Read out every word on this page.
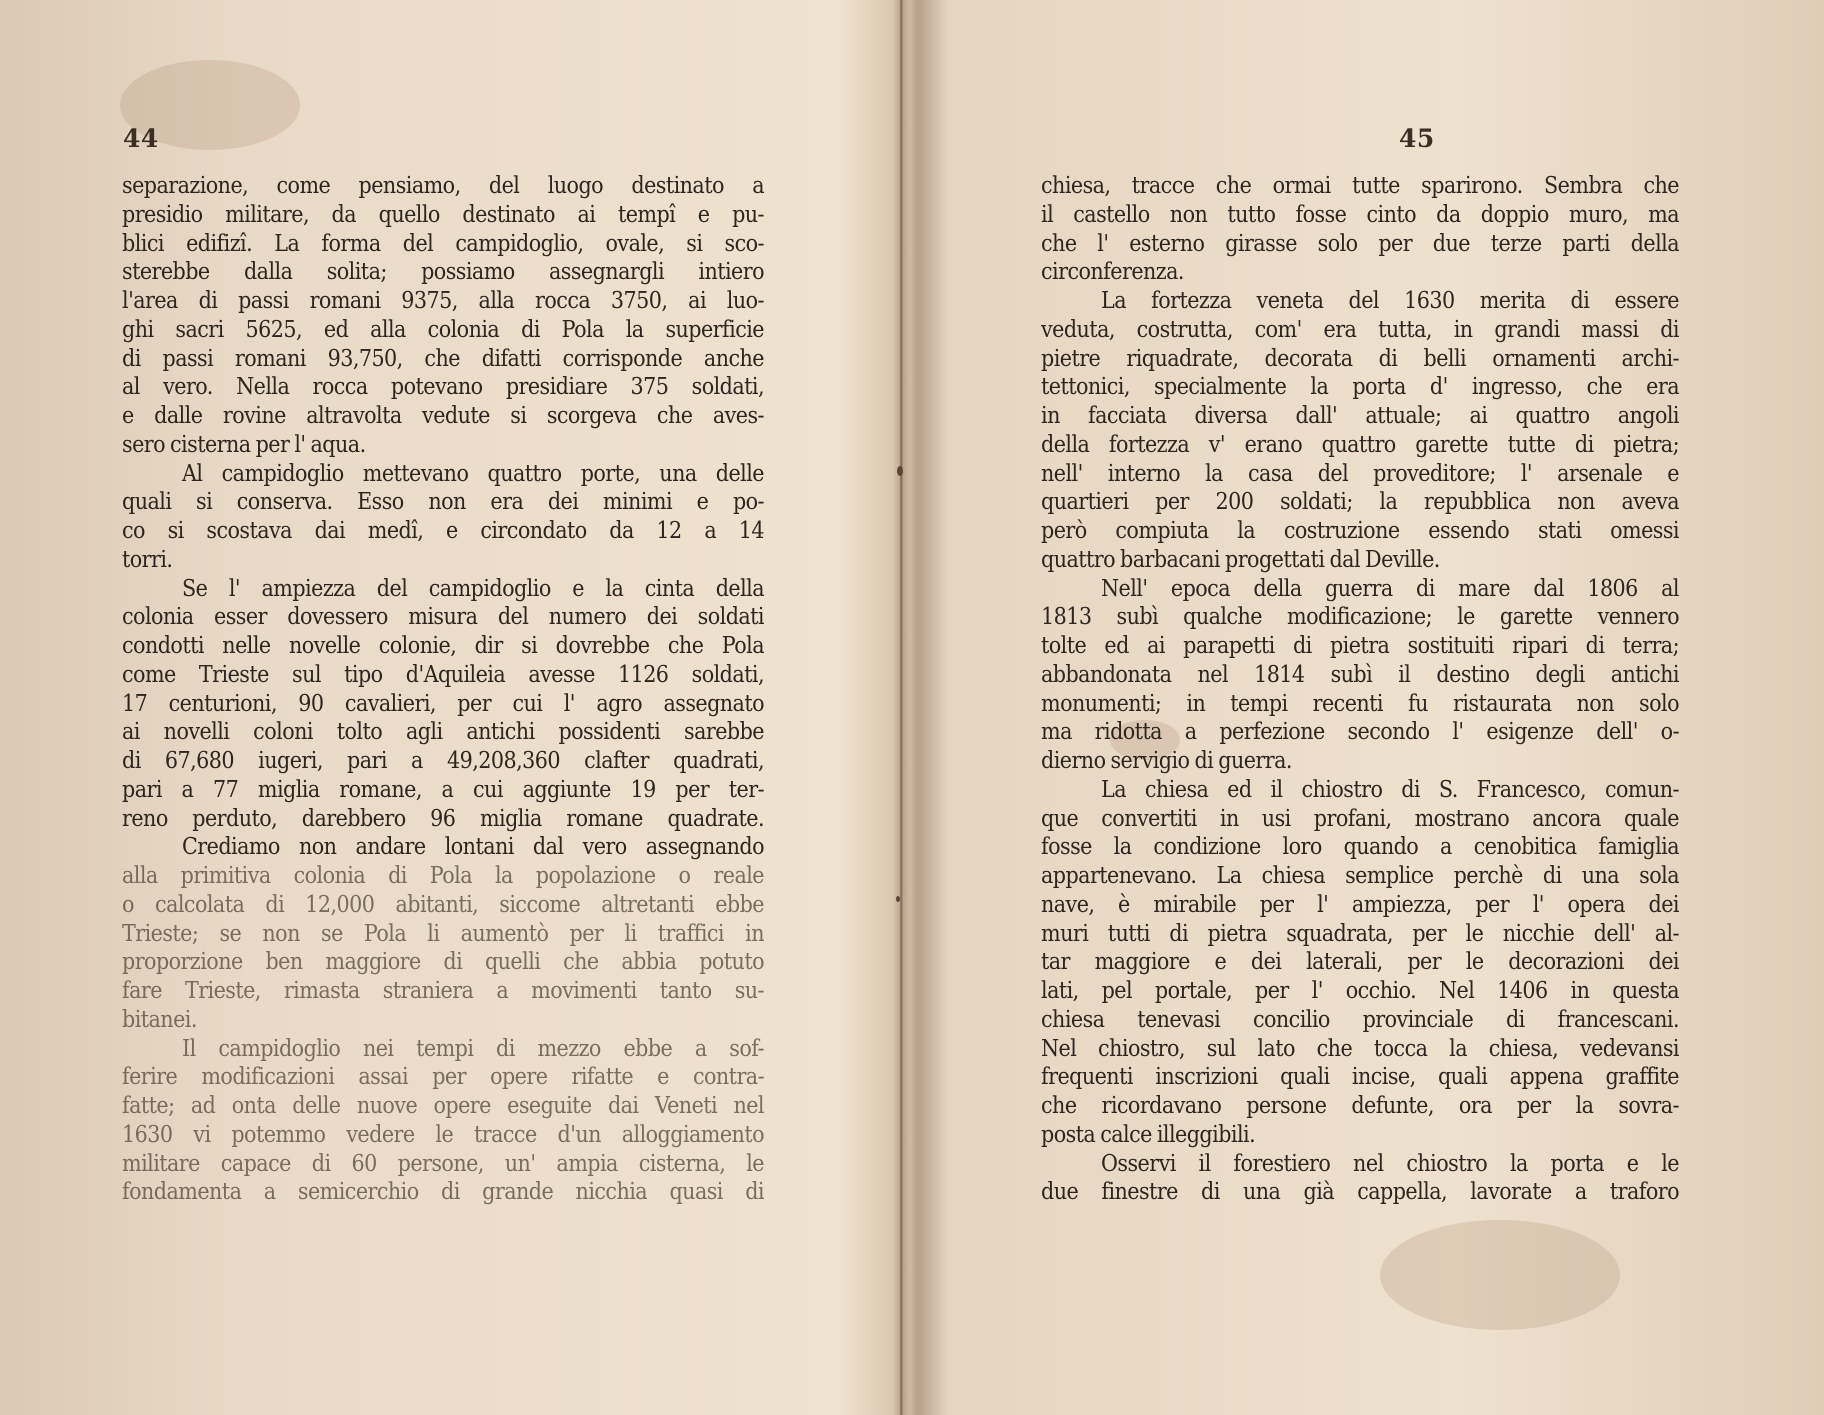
44

separazione, come pensiamo, del luogo destinato a
presidio militare, da quello destinato ai tempî e pu-
blici edifizî. La forma del campidoglio, ovale, si sco-
sterebbe dalla solita; possiamo assegnargli intiero
l'area di passi romani 9375, alla rocca 3750, ai luo-
ghi sacri 5625, ed alla colonia di Pola la superficie
di passi romani 93,750, che difatti corrisponde anche
al vero. Nella rocca potevano presidiare 375 soldati,
e dalle rovine altravolta vedute si scorgeva che aves-
sero cisterna per l' aqua.
Al campidoglio mettevano quattro porte, una delle
quali si conserva. Esso non era dei minimi e po-
co si scostava dai medî, e circondato da 12 a 14
torri.
Se l' ampiezza del campidoglio e la cinta della
colonia esser dovessero misura del numero dei soldati
condotti nelle novelle colonie, dir si dovrebbe che Pola
come Trieste sul tipo d'Aquileia avesse 1126 soldati,
17 centurioni, 90 cavalieri, per cui l' agro assegnato
ai novelli coloni tolto agli antichi possidenti sarebbe
di 67,680 iugeri, pari a 49,208,360 clafter quadrati,
pari a 77 miglia romane, a cui aggiunte 19 per ter-
reno perduto, darebbero 96 miglia romane quadrate.
Crediamo non andare lontani dal vero assegnando
alla primitiva colonia di Pola la popolazione o reale
o calcolata di 12,000 abitanti, siccome altretanti ebbe
Trieste; se non se Pola li aumentò per li traffici in
proporzione ben maggiore di quelli che abbia potuto
fare Trieste, rimasta straniera a movimenti tanto su-
bitanei.
Il campidoglio nei tempi di mezzo ebbe a sof-
ferire modificazioni assai per opere rifatte e contra-
fatte; ad onta delle nuove opere eseguite dai Veneti nel
1630 vi potemmo vedere le tracce d'un alloggiamento
militare capace di 60 persone, un' ampia cisterna, le
fondamenta a semicerchio di grande nicchia quasi di

45

chiesa, tracce che ormai tutte sparirono. Sembra che
il castello non tutto fosse cinto da doppio muro, ma
che l' esterno girasse solo per due terze parti della
circonferenza.
La fortezza veneta del 1630 merita di essere
veduta, costrutta, com' era tutta, in grandi massi di
pietre riquadrate, decorata di belli ornamenti archi-
tettonici, specialmente la porta d' ingresso, che era
in facciata diversa dall' attuale; ai quattro angoli
della fortezza v' erano quattro garette tutte di pietra;
nell' interno la casa del proveditore; l' arsenale e
quartieri per 200 soldati; la repubblica non aveva
però compiuta la costruzione essendo stati omessi
quattro barbacani progettati dal Deville.
Nell' epoca della guerra di mare dal 1806 al
1813 subì qualche modificazione; le garette vennero
tolte ed ai parapetti di pietra sostituiti ripari di terra;
abbandonata nel 1814 subì il destino degli antichi
monumenti; in tempi recenti fu ristaurata non solo
ma ridotta a perfezione secondo l' esigenze dell' o-
dierno servigio di guerra.
La chiesa ed il chiostro di S. Francesco, comun-
que convertiti in usi profani, mostrano ancora quale
fosse la condizione loro quando a cenobitica famiglia
appartenevano. La chiesa semplice perchè di una sola
nave, è mirabile per l' ampiezza, per l' opera dei
muri tutti di pietra squadrata, per le nicchie dell' al-
tar maggiore e dei laterali, per le decorazioni dei
lati, pel portale, per l' occhio. Nel 1406 in questa
chiesa tenevasi concilio provinciale di francescani.
Nel chiostro, sul lato che tocca la chiesa, vedevansi
frequenti inscrizioni quali incise, quali appena graffite
che ricordavano persone defunte, ora per la sovra-
posta calce illeggibili.
Osservi il forestiero nel chiostro la porta e le
due finestre di una già cappella, lavorate a traforo
